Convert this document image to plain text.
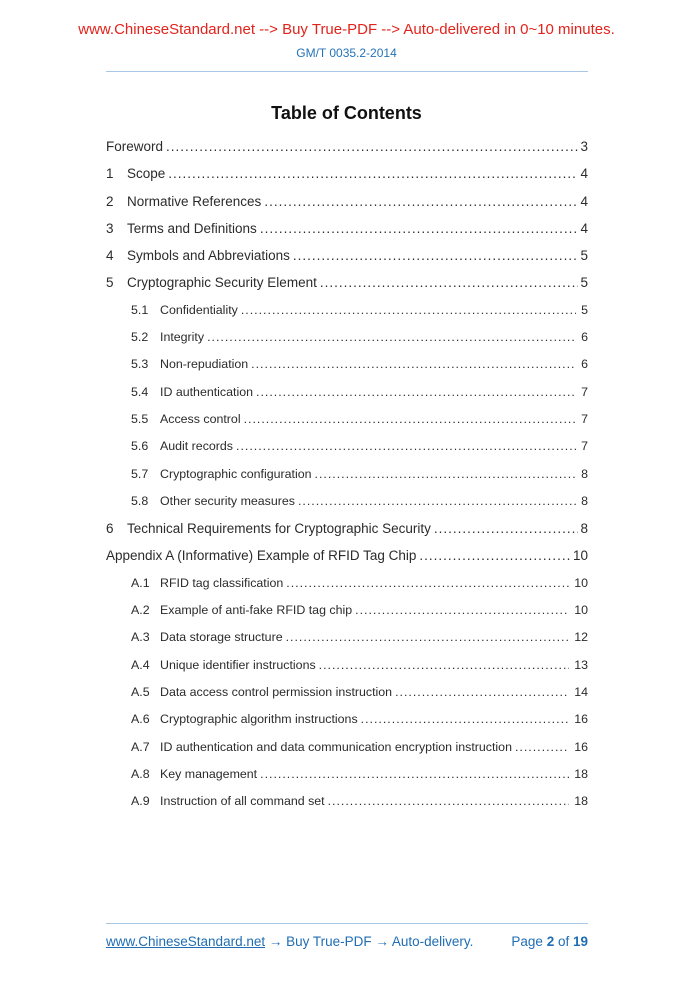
www.ChineseStandard.net --> Buy True-PDF --> Auto-delivered in 0~10 minutes.
GM/T 0035.2-2014
Table of Contents
Foreword .....	3
1 Scope .....	4
2 Normative References .....	4
3 Terms and Definitions .....	4
4 Symbols and Abbreviations .....	5
5 Cryptographic Security Element .....	5
5.1 Confidentiality .....	5
5.2 Integrity .....	6
5.3 Non-repudiation .....	6
5.4 ID authentication .....	7
5.5 Access control .....	7
5.6 Audit records .....	7
5.7 Cryptographic configuration .....	8
5.8 Other security measures .....	8
6 Technical Requirements for Cryptographic Security .....	8
Appendix A (Informative) Example of RFID Tag Chip .....	10
A.1 RFID tag classification .....	10
A.2 Example of anti-fake RFID tag chip .....	10
A.3 Data storage structure .....	12
A.4 Unique identifier instructions .....	13
A.5 Data access control permission instruction .....	14
A.6 Cryptographic algorithm instructions .....	16
A.7 ID authentication and data communication encryption instruction .....	16
A.8 Key management .....	18
A.9 Instruction of all command set .....	18
www.ChineseStandard.net → Buy True-PDF → Auto-delivery.	Page 2 of 19
